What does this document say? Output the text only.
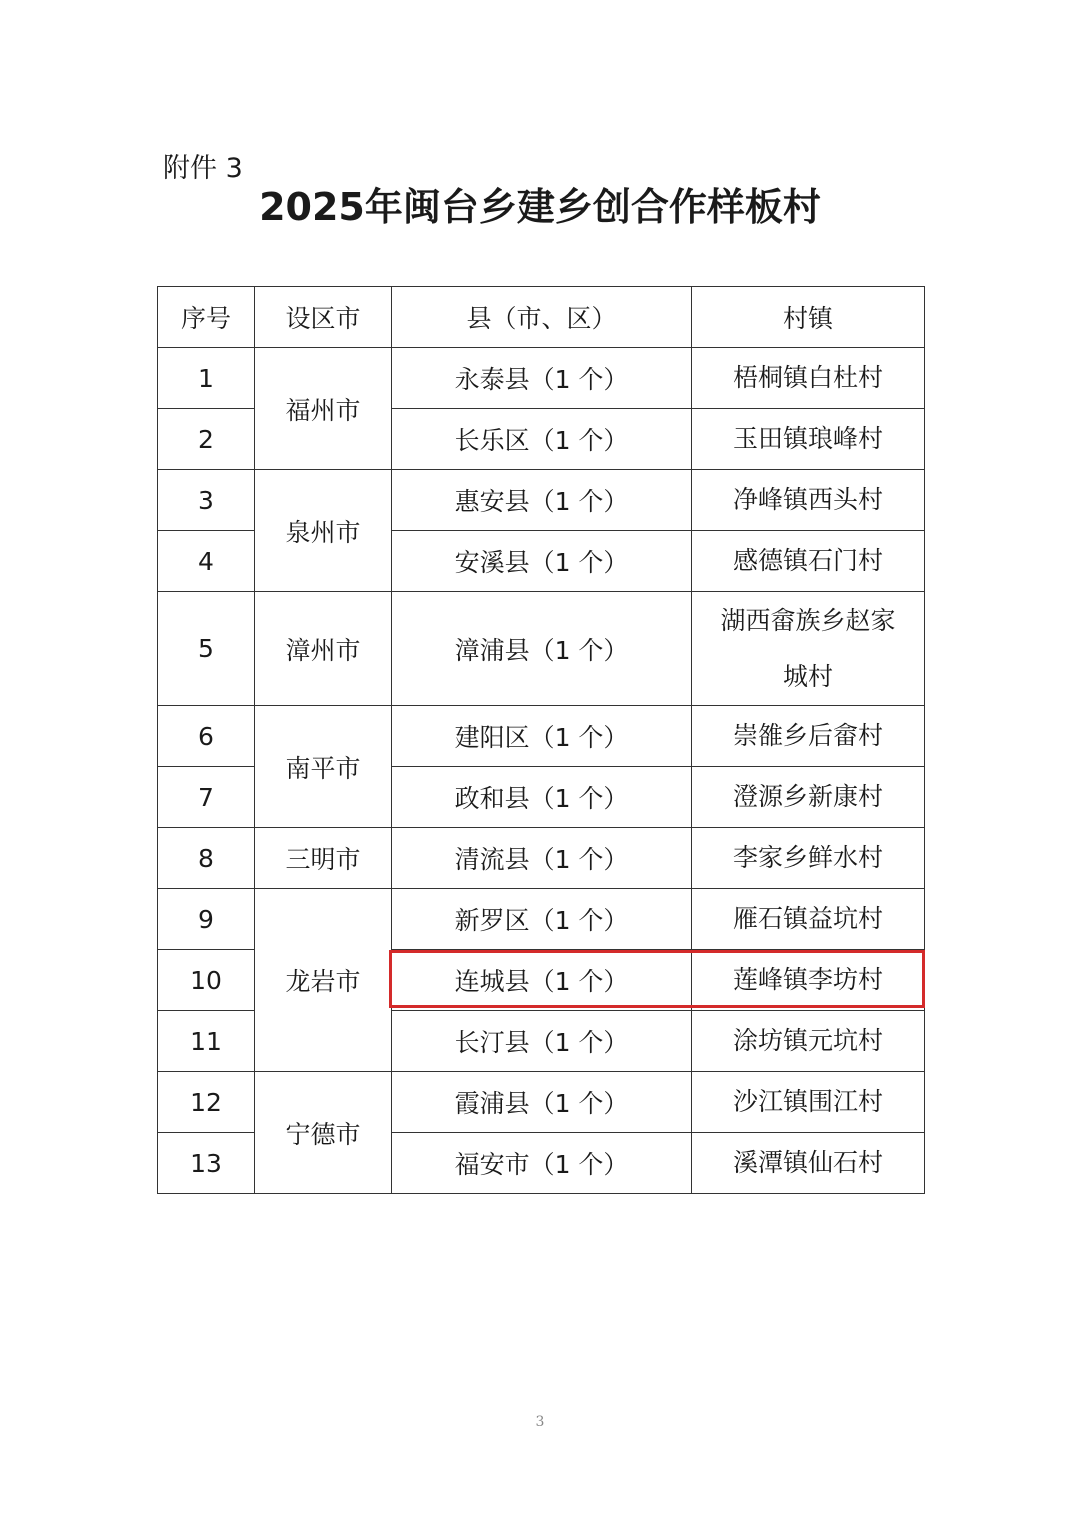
附件 3
2025年闽台乡建乡创合作样板村
序号	设区市	县（市、区）	村镇
1	福州市	永泰县（1 个）	梧桐镇白杜村
2		长乐区（1 个）	玉田镇琅峰村
3	泉州市	惠安县（1 个）	净峰镇西头村
4		安溪县（1 个）	感德镇石门村
5	漳州市	漳浦县（1 个）	湖西畲族乡赵家
城村

6	南平市	建阳区（1 个）	崇雒乡后畲村
7		政和县（1 个）	澄源乡新康村
8	三明市	清流县（1 个）	李家乡鲜水村
9	龙岩市	新罗区（1 个）	雁石镇益坑村
10		连城县（1 个）	莲峰镇李坊村
11		长汀县（1 个）	涂坊镇元坑村
12	宁德市	霞浦县（1 个）	沙江镇围江村
13		福安市（1 个）	溪潭镇仙石村
3
